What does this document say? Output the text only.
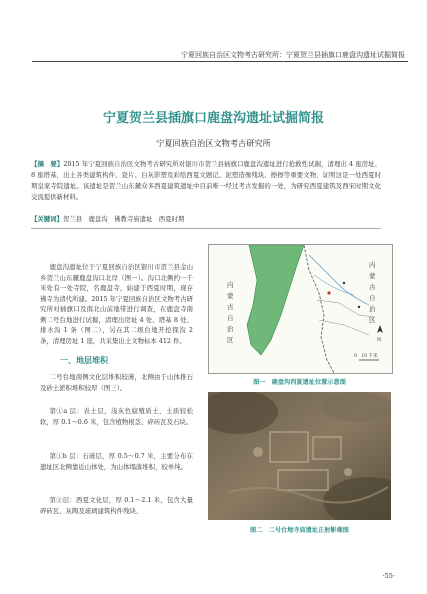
宁夏回族自治区文物考古研究所：宁夏贺兰县插旗口鹿盘沟遗址试掘简报
宁夏贺兰县插旗口鹿盘沟遗址试掘简报
宁夏回族自治区文物考古研究所
【摘　要】2015 年宁夏回族自治区文物考古研究所对银川市贺兰县插旗口鹿盘沟遗址进行抢救性试掘，清理出 4 座房址、8 座塔基，出土各类建筑构件、瓷片、白灰影塑及彩绘西夏文题记、泥塑造像残块、擦擦等重要文物，证明这是一处西夏时期皇家寺院遗址。该遗址是贺兰山东麓众多西夏建筑遗址中目前唯一经过考古发掘的一处，为研究西夏建筑及西宋时期文化交流提供新材料。
【关键词】贺兰县　鹿盘沟　佛教寺庙遗址　西夏时期
鹿盘沟遗址位于宁夏回族自治区银川市贺兰县金山乡贺兰山东麓鹿盘沟口北岸（图一）。沟口北侧约一千米处有一处寺院，名鹿盘寺，始建于西夏时期，现存佛寺为清代所建。2015 年宁夏回族自治区文物考古研究所对插旗口及南北山前地带进行调查，在鹿盘寺南侧二号台地进行试掘，清理出房址 4 处、塔基 8 处、排水沟 1 条（图二），另在其二级台地开挖探沟 2 条，清理房址 1 座，共采集出土文物标本 412 件。
一、地层堆积
二号台地南侧文化层堆积较薄，北侧由于山体推石及砂土淤积堆积较厚（图三）。
第①a 层：表土层，浅灰色腐殖质土，土质较松软，厚 0.1～0.6 米，包含植物根茎、碎砖瓦及石块。
第①b 层：石砾层，厚 0.5～0.7 米，主要分布在遗址区北侧靠近山体处，为山体塌落堆积，较单纯。
第②层：西夏文化层，厚 0.1～2.1 米，包含大量碎砖瓦、灰陶及琉璃建筑构件残块、
内
蒙
古
自
治
区
内
蒙
古
自
治
区
N
0　10 千米
图一　鹿盘沟西夏遗址位置示意图
图二　二号台地寺庙遗址正射影像图
·55·
